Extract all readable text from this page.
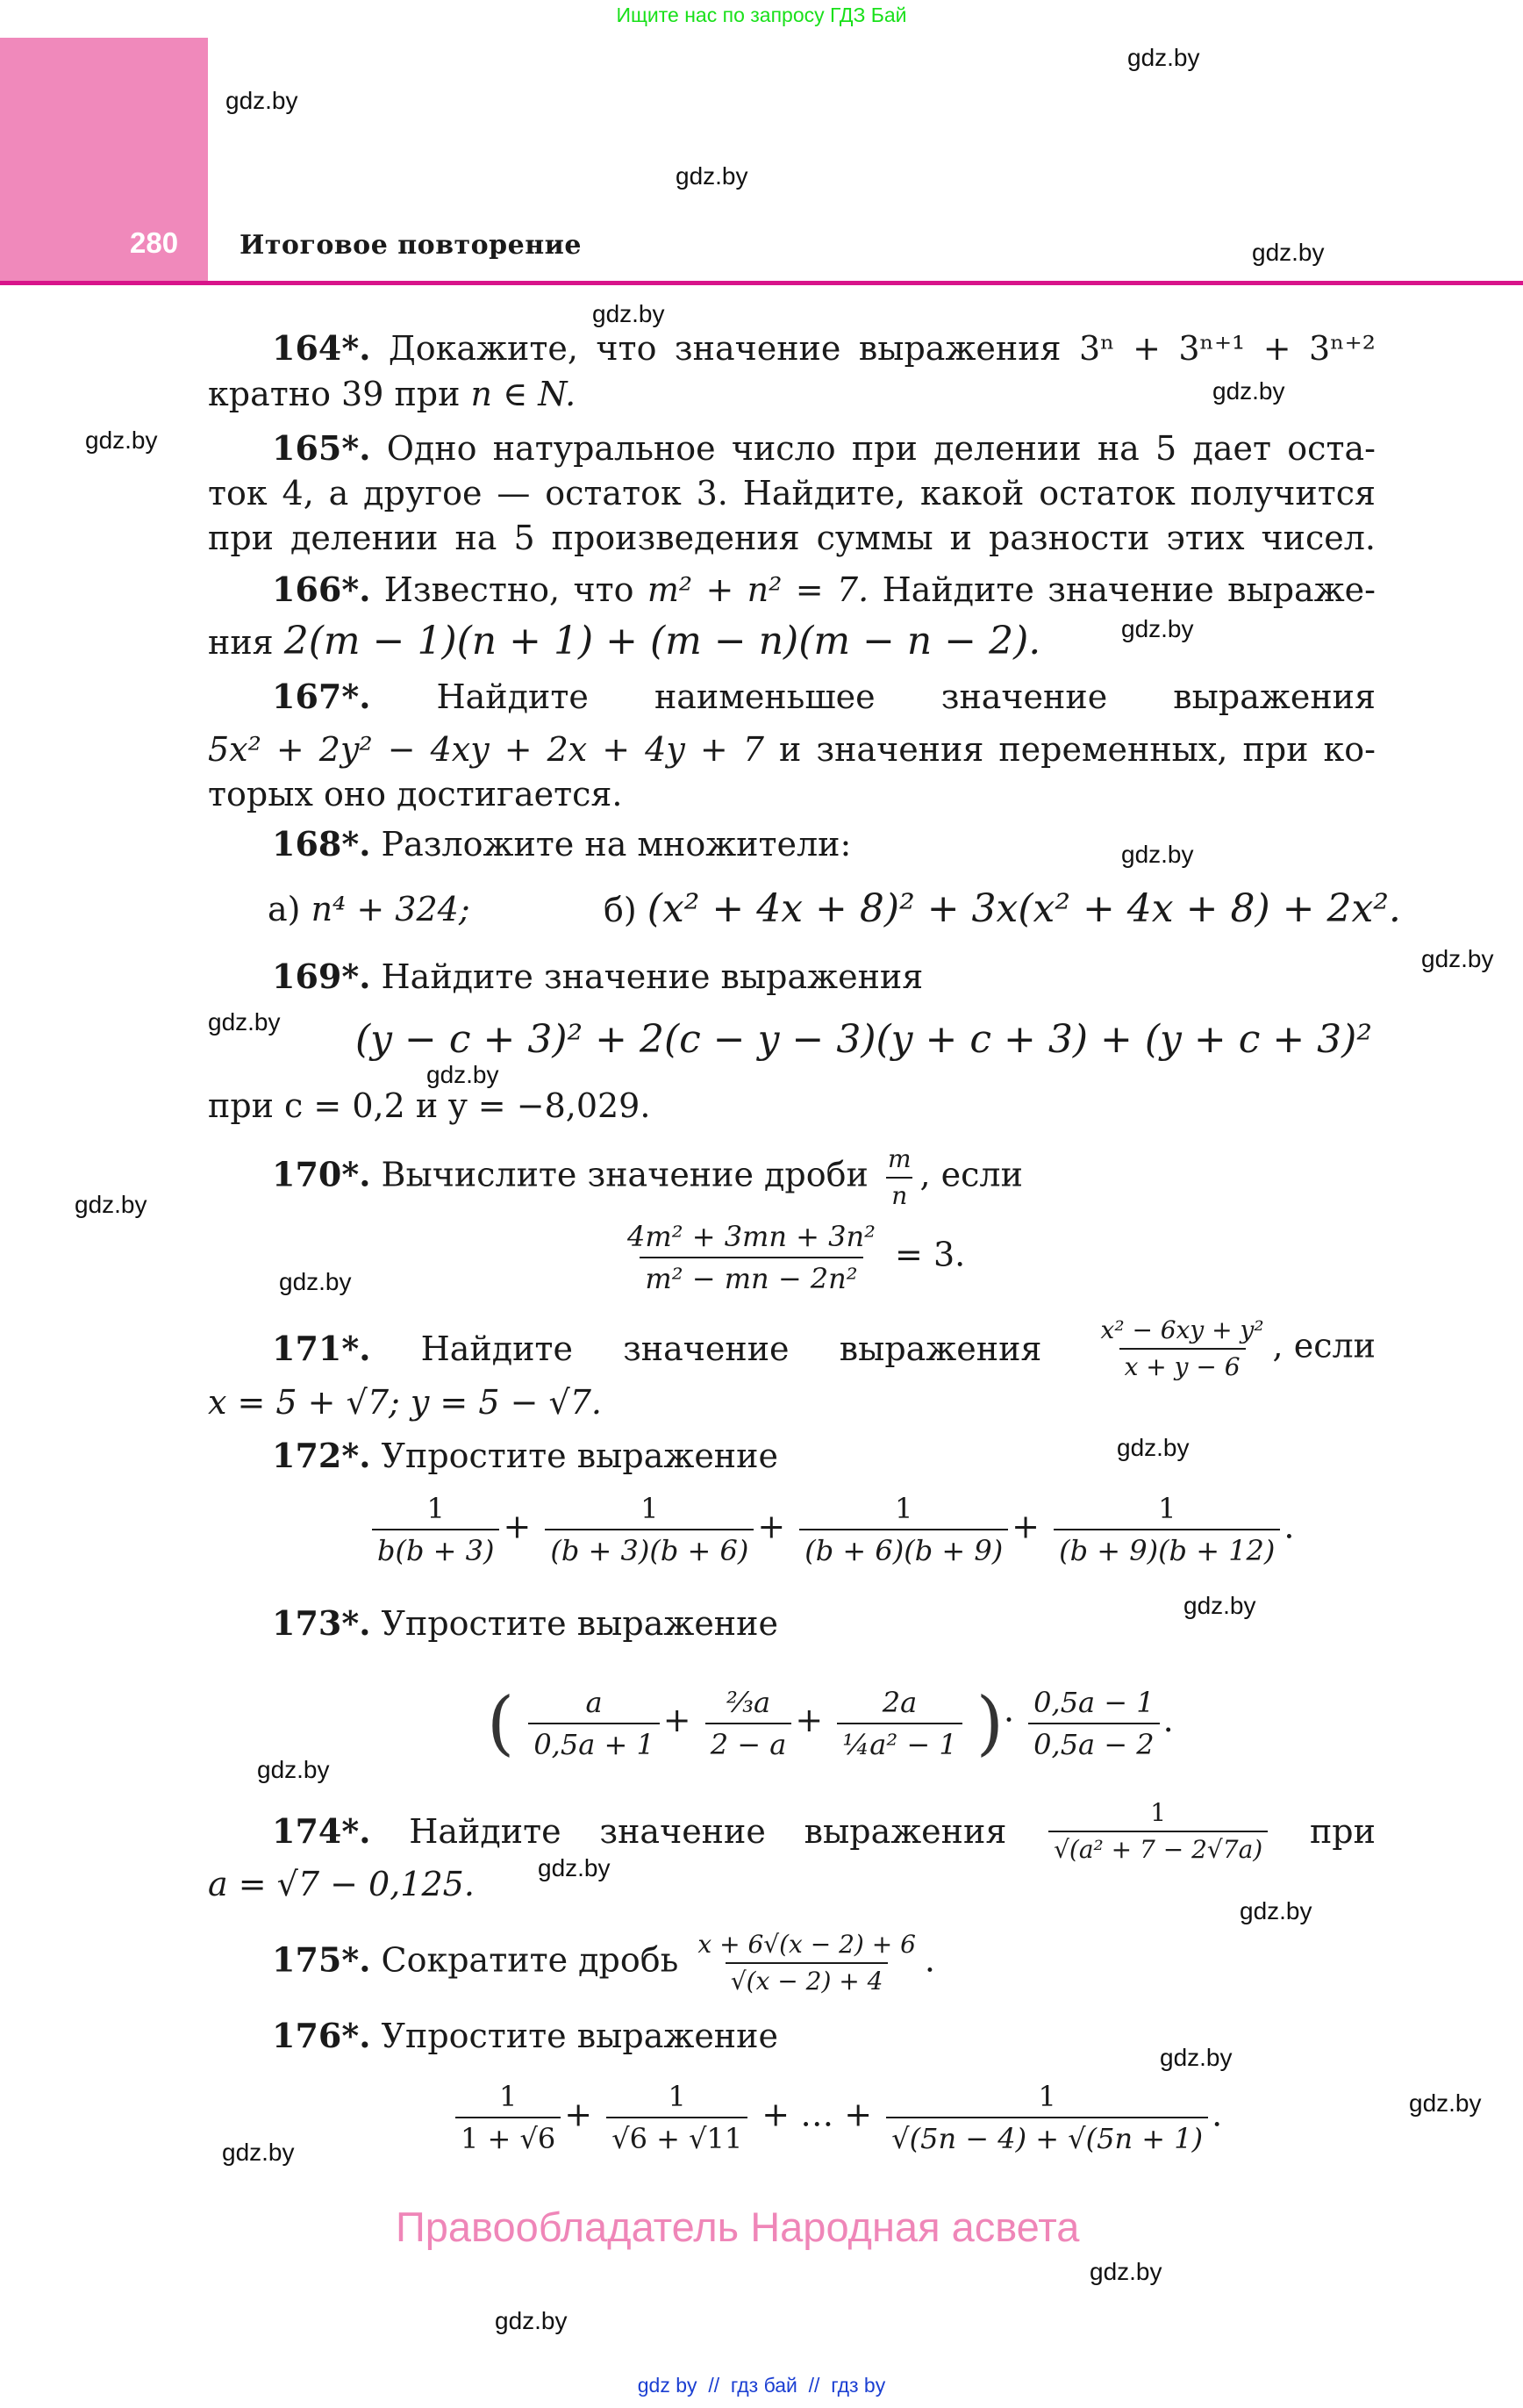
Ищите нас по запросу ГДЗ Бай
280 Итоговое повторение
gdz.by
gdz.by
gdz.by
gdz.by
gdz.by
gdz.by
gdz.by
gdz.by
gdz.by
gdz.by
gdz.by
gdz.by
gdz.by
gdz.by
gdz.by
gdz.by
gdz.by
gdz.by
gdz.by
gdz.by
gdz.by
gdz.by
gdz.by
gdz.by
164*. Докажите, что значение выражения 3ⁿ + 3ⁿ⁺¹ + 3ⁿ⁺²
кратно 39 при n ∈ N.
165*. Одно натуральное число при делении на 5 дает оста-
ток 4, а другое — остаток 3. Найдите, какой остаток получится
при делении на 5 произведения суммы и разности этих чисел.
166*. Известно, что m² + n² = 7. Найдите значение выраже-
ния 2(m − 1)(n + 1) + (m − n)(m − n − 2).
167*. Найдите наименьшее значение выражения
5x² + 2y² − 4xy + 2x + 4y + 7 и значения переменных, при ко-
торых оно достигается.
168*. Разложите на множители:
а) n⁴ + 324;	б) (x² + 4x + 8)² + 3x(x² + 4x + 8) + 2x².
169*. Найдите значение выражения
(y − c + 3)² + 2(c − y − 3)(y + c + 3) + (y + c + 3)²
при c = 0,2 и y = −8,029.
170*. Вычислите значение дроби $\frac{m}{n}$ , если
$\frac{\text{4m² + 3mn + 3n²}}{\text{m² − mn − 2n²}} = 3$.
171*. Найдите значение выражения $\frac{\text{x² − 6xy + y²}}{x + y - 6}$ , если
x = 5 + √7; y = 5 − √7.
172*. Упростите выражение
$\frac{1}{b(b + 3)} + \frac{1}{(b + 3)(b + 6)} + \frac{1}{(b + 6)(b + 9)} + \frac{1}{(b + 9)(b + 12)}$ .
173*. Упростите выражение
( $\frac{a}{0,5a + 1} + \frac{\text{⅔a}}{2 - a} + \frac{2a}{\text{¼a² − 1}}$ )· $\frac{0,5a - 1}{0,5a - 2}$ .
174*. Найдите значение выражения $\frac{1}{\text{√(a² + 7 − 2√7a)}}$ при
a = √7 − 0,125.
175*. Сократите дробь $\frac{x + 6√(x - 2) + 6}{√(x - 2) + 4}$ .
176*. Упростите выражение
$\frac{1}{1 + √6} + \frac{1}{√6 + √11}$ + … + $\frac{1}{√(5n - 4) + √(5n + 1)}$ .
Правообладатель Народная асвета
gdz by // гдз бай // гдз by
